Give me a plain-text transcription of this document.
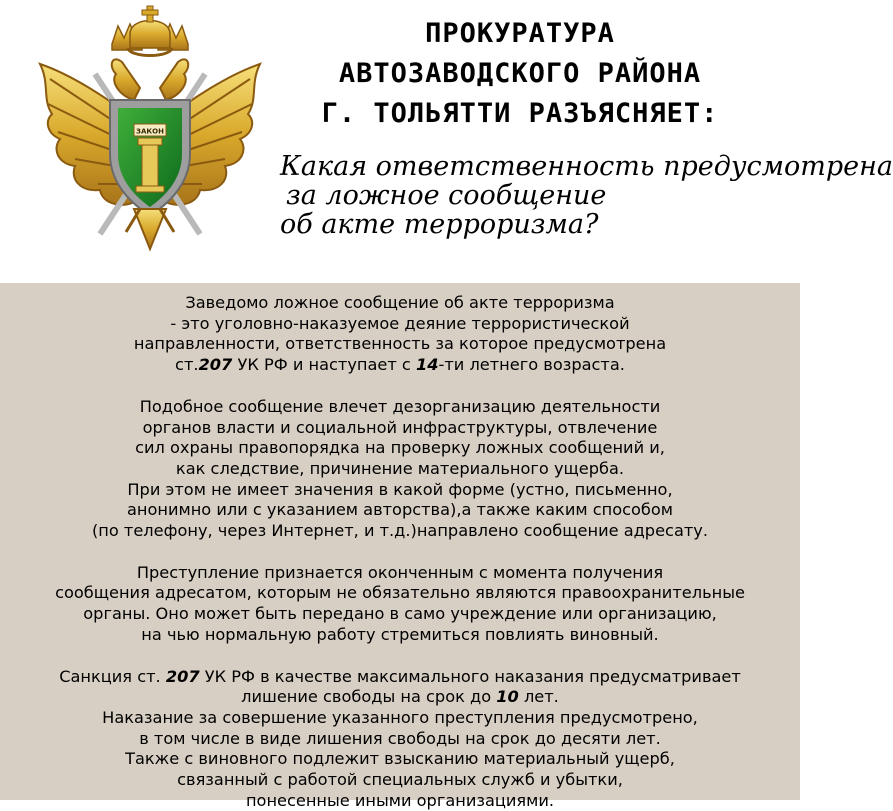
ЗАКОН
ПРОКУРАТУРА
АВТОЗАВОДСКОГО РАЙОНА
Г. ТОЛЬЯТТИ РАЗЪЯСНЯЕТ:
Какая ответственность предусмотрена
за ложное сообщение
об акте терроризма?
Заведомо ложное сообщение об акте терроризма
- это уголовно-наказуемое деяние террористической
направленности, ответственность за которое предусмотрена
ст.207 УК РФ и наступает с 14-ти летнего возраста.
Подобное сообщение влечет дезорганизацию деятельности
органов власти и социальной инфраструктуры, отвлечение
сил охраны правопорядка на проверку ложных сообщений и,
как следствие, причинение материального ущерба.
При этом не имеет значения в какой форме (устно, письменно,
анонимно или с указанием авторства),а также каким способом
(по телефону, через Интернет, и т.д.)направлено сообщение адресату.
Преступление признается оконченным с момента получения
сообщения адресатом, которым не обязательно являются правоохранительные
органы. Оно может быть передано в само учреждение или организацию,
на чью нормальную работу стремиться повлиять виновный.
Санкция ст. 207 УК РФ в качестве максимального наказания предусматривает
лишение свободы на срок до 10 лет.
Наказание за совершение указанного преступления предусмотрено,
в том числе в виде лишения свободы на срок до десяти лет.
Также с виновного подлежит взысканию материальный ущерб,
связанный с работой специальных служб и убытки,
понесенные иными организациями.
